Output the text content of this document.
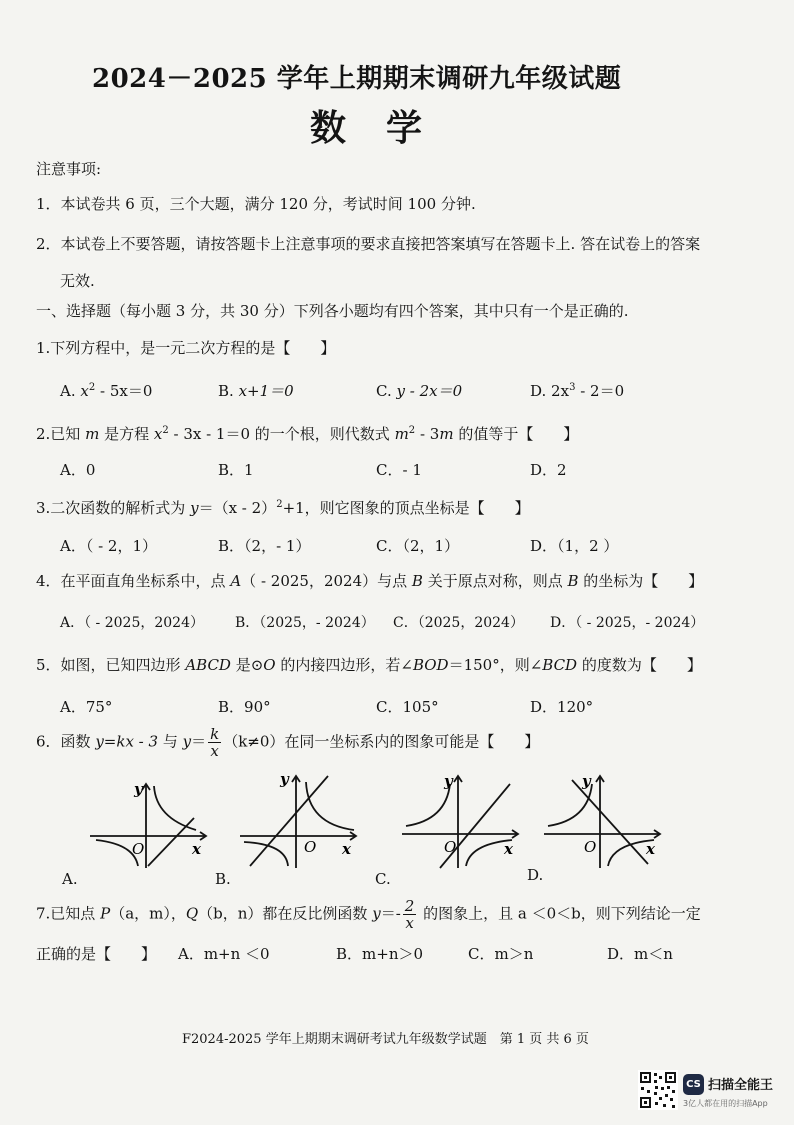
2024－2025 学年上期期末调研九年级试题
数学
注意事项:
1．本试卷共 6 页，三个大题，满分 120 分，考试时间 100 分钟.
2．本试卷上不要答题，请按答题卡上注意事项的要求直接把答案填写在答题卡上. 答在试卷上的答案
无效.
一、选择题（每小题 3 分，共 30 分）下列各小题均有四个答案，其中只有一个是正确的.
1.下列方程中，是一元二次方程的是【　　】
A. $x^2 - 5x=0$	B. x+1＝0	C. y - 2x＝0	D. $2x^3 - 2=0$
2.已知 m 是方程 $x^2 - 3x - 1=0$ 的一个根，则代数式 $m^2 - 3m$ 的值等于【　　】
A．0	B．1	C．- 1	D．2
3.二次函数的解析式为 y＝（x - 2）$^2$+1，则它图象的顶点坐标是【　　】
A．（ - 2，1）	B．（2，- 1）	C．（2，1）	D．（1，2 ）
4．在平面直角坐标系中，点 A（ - 2025，2024）与点 B 关于原点对称，则点 B 的坐标为【　　】
A．（ - 2025，2024） B．（2025，- 2024） C．（2025，2024） D．（ - 2025，- 2024）
5．如图，已知四边形 ABCD 是⊙O 的内接四边形，若∠BOD＝150°，则∠BCD 的度数为【　　】
A．75°	B．90°	C．105°	D．120°
6．函数 y=kx - 3 与 $y= \frac{k}{x} (k\ne 0)$在同一坐标系内的图象可能是【　　】
y
x
O
A.
y
x
O
B.
y
x
O
C.
y
x
O
D.
7.已知点 P（a，m），Q（b，n）都在反比例函数 $y=- \frac{2}{x}$ 的图象上，且 a ＜0＜b，则下列结论一定
正确的是【　　】 A．m+n ＜0	B．m+n＞0	C．m＞n	D．m＜n
F2024-2025 学年上期期末调研考试九年级数学试题　第 1 页 共 6 页
CS 扫描全能王
3亿人都在用的扫描App
